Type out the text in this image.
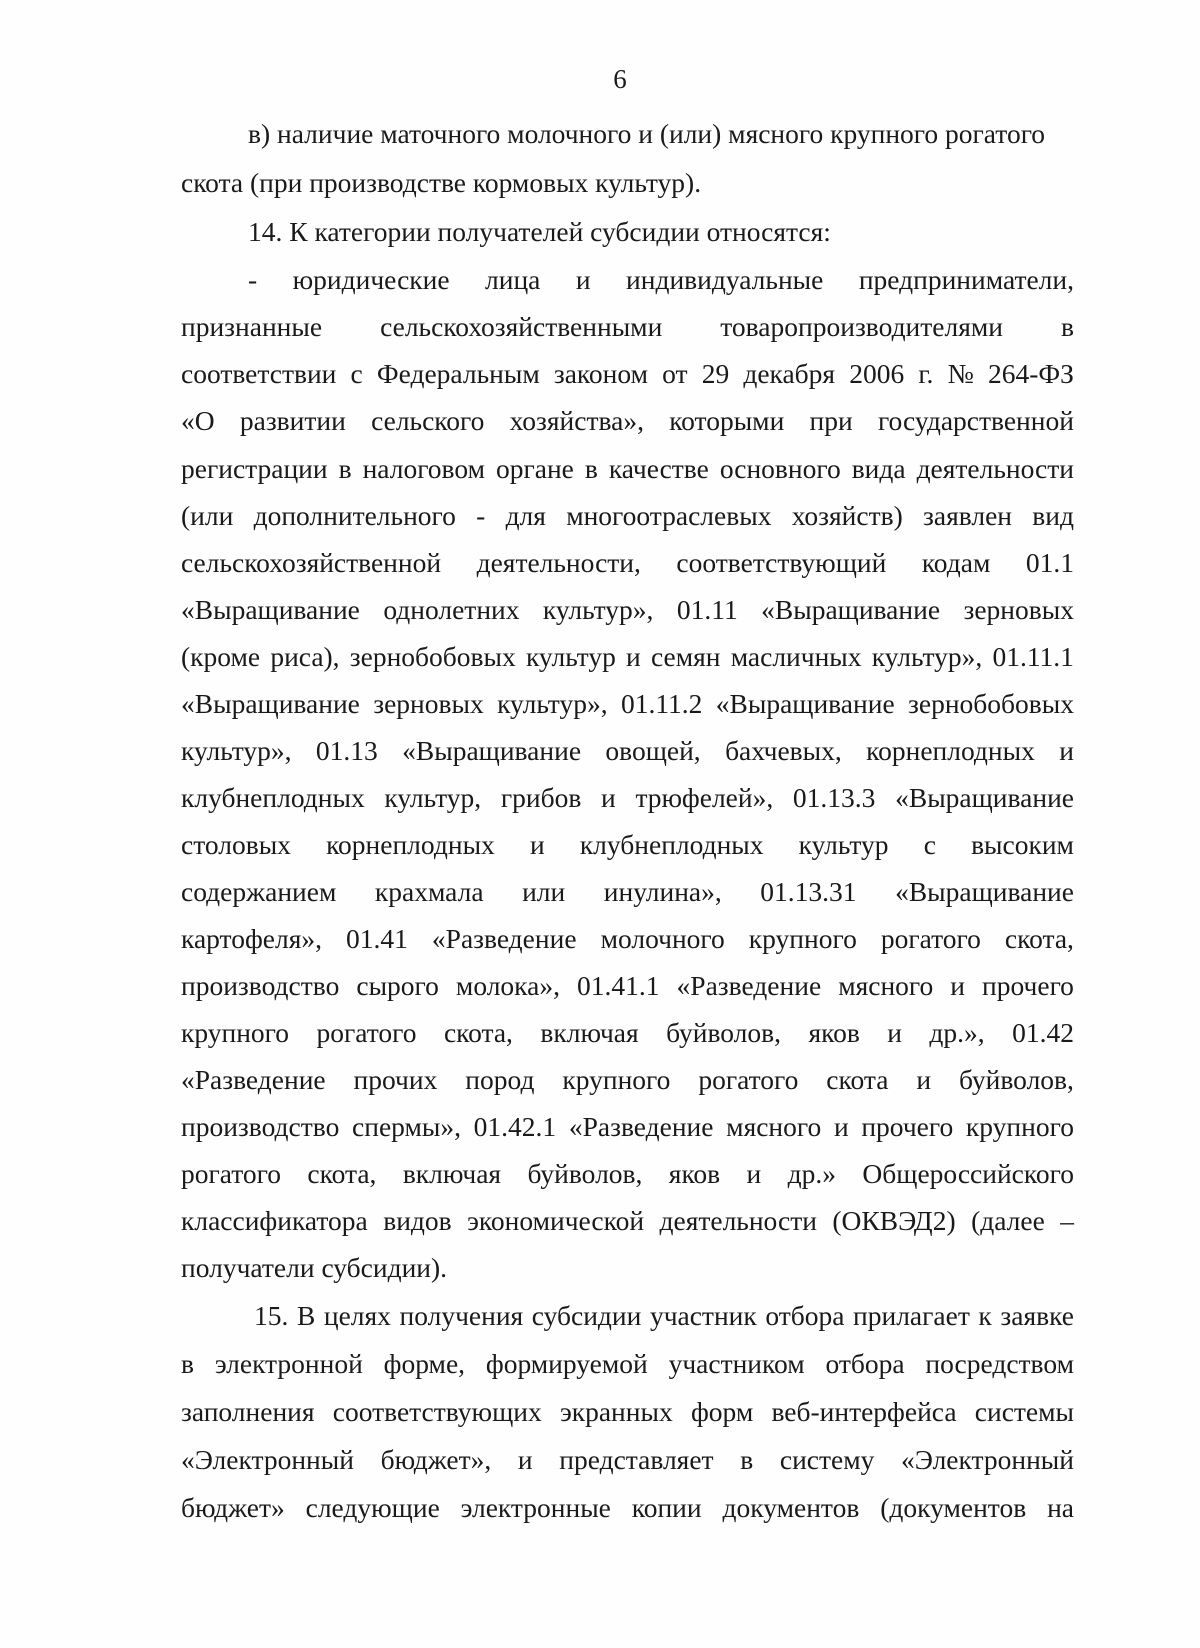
6
в) наличие маточного молочного и (или) мясного крупного рогатого
скота (при производстве кормовых культур).
14. К категории получателей субсидии относятся:
- юридические лица и индивидуальные предприниматели,
признанные сельскохозяйственными товаропроизводителями в
соответствии с Федеральным законом от 29 декабря 2006 г. № 264-ФЗ
«О развитии сельского хозяйства», которыми при государственной
регистрации в налоговом органе в качестве основного вида деятельности
(или дополнительного - для многоотраслевых хозяйств) заявлен вид
сельскохозяйственной деятельности, соответствующий кодам 01.1
«Выращивание однолетних культур», 01.11 «Выращивание зерновых
(кроме риса), зернобобовых культур и семян масличных культур», 01.11.1
«Выращивание зерновых культур», 01.11.2 «Выращивание зернобобовых
культур», 01.13 «Выращивание овощей, бахчевых, корнеплодных и
клубнеплодных культур, грибов и трюфелей», 01.13.3 «Выращивание
столовых корнеплодных и клубнеплодных культур с высоким
содержанием крахмала или инулина», 01.13.31 «Выращивание
картофеля», 01.41 «Разведение молочного крупного рогатого скота,
производство сырого молока», 01.41.1 «Разведение мясного и прочего
крупного рогатого скота, включая буйволов, яков и др.», 01.42
«Разведение прочих пород крупного рогатого скота и буйволов,
производство спермы», 01.42.1 «Разведение мясного и прочего крупного
рогатого скота, включая буйволов, яков и др.» Общероссийского
классификатора видов экономической деятельности (ОКВЭД2) (далее –
получатели субсидии).
15. В целях получения субсидии участник отбора прилагает к заявке
в электронной форме, формируемой участником отбора посредством
заполнения соответствующих экранных форм веб-интерфейса системы
«Электронный бюджет», и представляет в систему «Электронный
бюджет» следующие электронные копии документов (документов на
